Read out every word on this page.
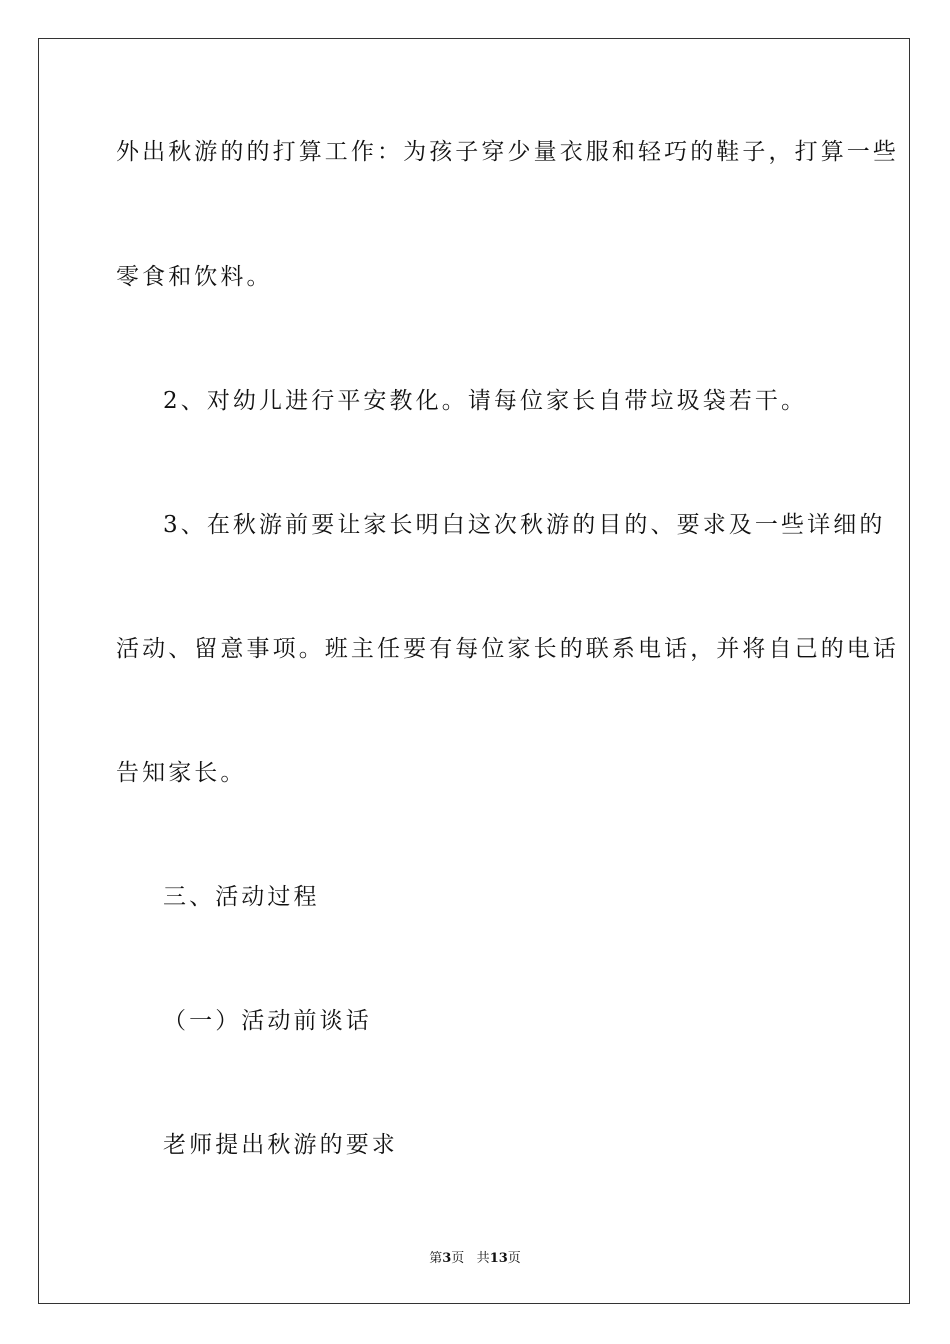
外出秋游的的打算工作：为孩子穿少量衣服和轻巧的鞋子，打算一些
零食和饮料。
2、对幼儿进行平安教化。请每位家长自带垃圾袋若干。
3、在秋游前要让家长明白这次秋游的目的、要求及一些详细的
活动、留意事项。班主任要有每位家长的联系电话，并将自己的电话
告知家长。
三、活动过程
（一）活动前谈话
老师提出秋游的要求
第3页 共13页
